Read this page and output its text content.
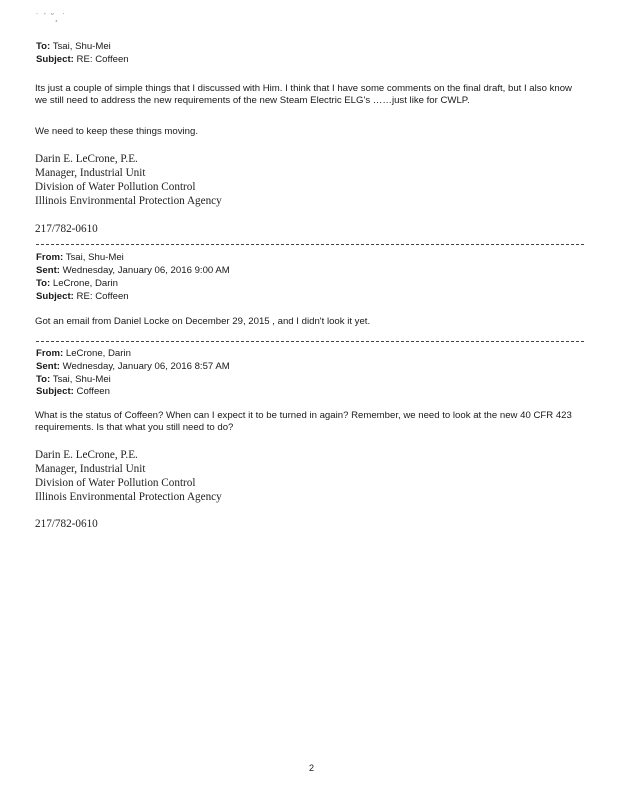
˙ ´ ˘¸ ˙
To: Tsai, Shu-Mei
Subject: RE: Coffeen
Its just a couple of simple things that I discussed with Him. I think that I have some comments on the final draft, but I also know we still need to address the new requirements of the new Steam Electric ELG's ……just like for CWLP.
We need to keep these things moving.
Darin E. LeCrone, P.E.
Manager, Industrial Unit
Division of Water Pollution Control
Illinois Environmental Protection Agency
217/782-0610
From: Tsai, Shu-Mei
Sent: Wednesday, January 06, 2016 9:00 AM
To: LeCrone, Darin
Subject: RE: Coffeen
Got an email from Daniel Locke on December 29, 2015 , and I didn't look it yet.
From: LeCrone, Darin
Sent: Wednesday, January 06, 2016 8:57 AM
To: Tsai, Shu-Mei
Subject: Coffeen
What is the status of Coffeen? When can I expect it to be turned in again? Remember, we need to look at the new 40 CFR 423 requirements. Is that what you still need to do?
Darin E. LeCrone, P.E.
Manager, Industrial Unit
Division of Water Pollution Control
Illinois Environmental Protection Agency
217/782-0610
2
